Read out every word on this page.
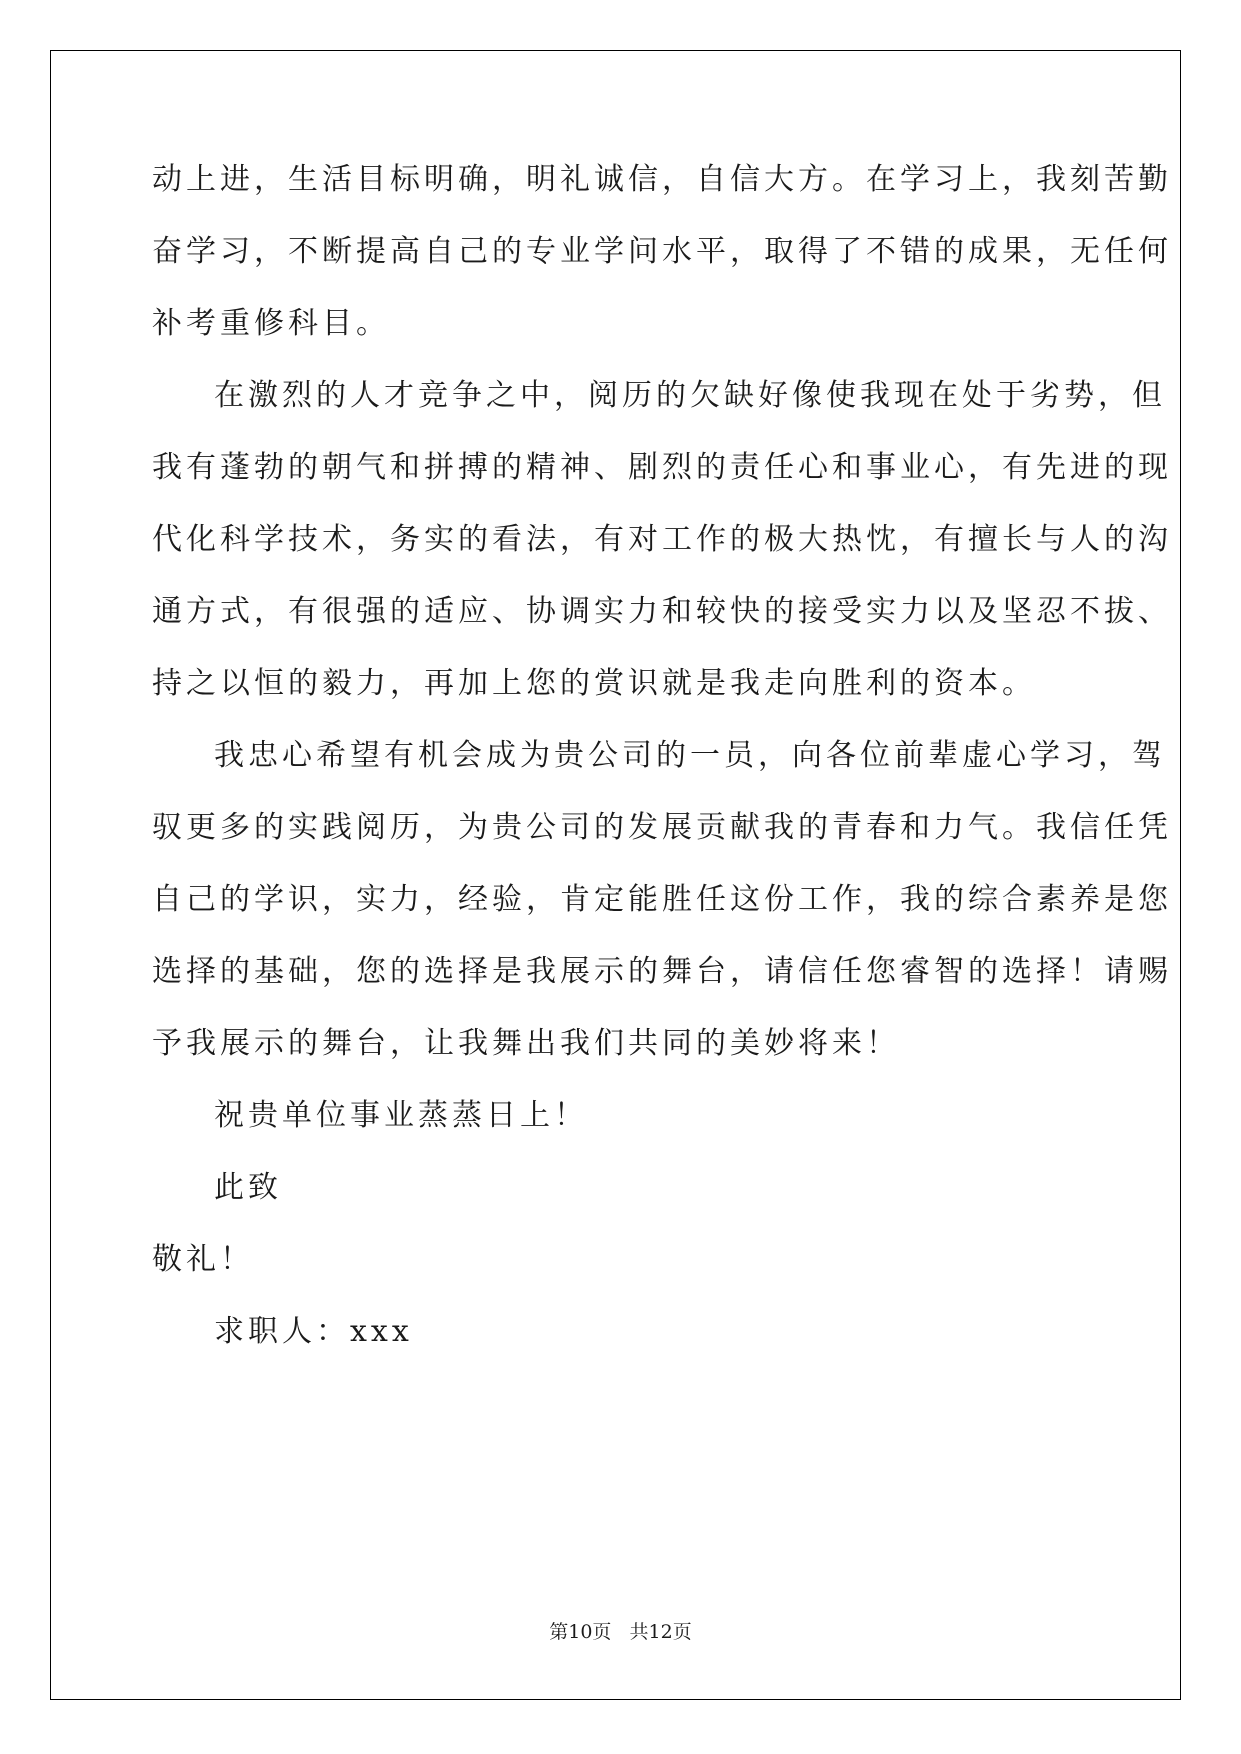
动上进，生活目标明确，明礼诚信，自信大方。在学习上，我刻苦勤
奋学习，不断提高自己的专业学问水平，取得了不错的成果，无任何
补考重修科目。
在激烈的人才竞争之中，阅历的欠缺好像使我现在处于劣势，但
我有蓬勃的朝气和拼搏的精神、剧烈的责任心和事业心，有先进的现
代化科学技术，务实的看法，有对工作的极大热忱，有擅长与人的沟
通方式，有很强的适应、协调实力和较快的接受实力以及坚忍不拔、
持之以恒的毅力，再加上您的赏识就是我走向胜利的资本。
我忠心希望有机会成为贵公司的一员，向各位前辈虚心学习，驾
驭更多的实践阅历，为贵公司的发展贡献我的青春和力气。我信任凭
自己的学识，实力，经验，肯定能胜任这份工作，我的综合素养是您
选择的基础，您的选择是我展示的舞台，请信任您睿智的选择！请赐
予我展示的舞台，让我舞出我们共同的美妙将来！
祝贵单位事业蒸蒸日上！
此致
敬礼！
求职人：xxx
第10页   共12页
